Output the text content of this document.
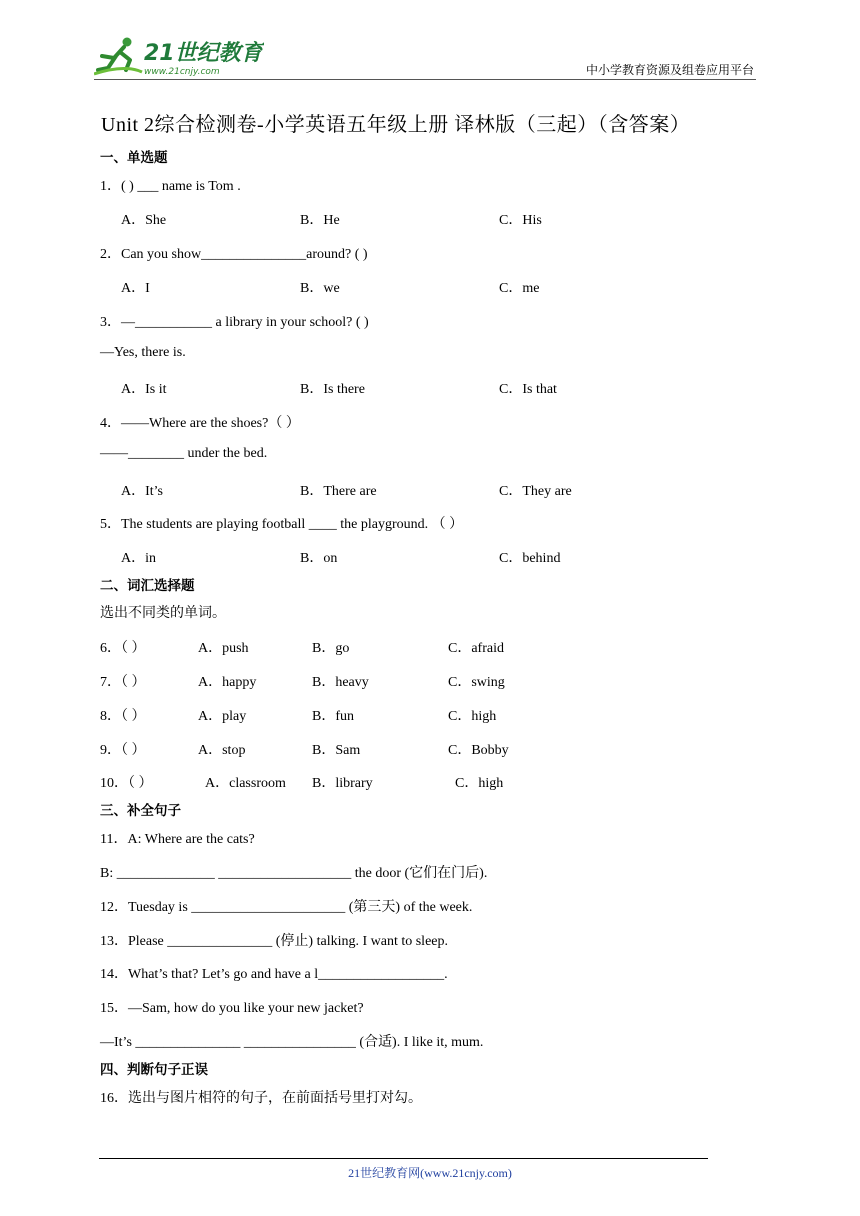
21世纪教育
www.21cnjy.com	中小学教育资源及组卷应用平台
Unit 2综合检测卷-小学英语五年级上册 译林版（三起）（含答案）
一、单选题
1．( ) ___ name is Tom .
A．She	B．He	C．His
2．Can you show_______________around? ( )
A．I	B．we	C．me
3．—___________ a library in your school? ( )
—Yes, there is.
A．Is it	B．Is there	C．Is that
4．——Where are the shoes?（ ）
——________ under the bed.
A．It’s	B．There are	C．They are
5．The students are playing football ____ the playground. （ ）
A．in	B．on	C．behind
二、词汇选择题
选出不同类的单词。
6．（ ）	A．push	B．go	C．afraid
7．（ ）	A．happy	B．heavy	C．swing
8．（ ）	A．play	B．fun	C．high
9．（ ）	A．stop	B．Sam	C．Bobby
10．（ ）	A．classroom B．library	C．high
三、补全句子
11．A: Where are the cats?
B: ______________ ___________________ the door (它们在门后).
12．Tuesday is ______________________ (第三天) of the week.
13．Please _______________ (停止) talking. I want to sleep.
14．What’s that? Let’s go and have a l__________________.
15．—Sam, how do you like your new jacket?
—It’s _______________ ________________ (合适). I like it, mum.
四、判断句子正误
16．选出与图片相符的句子，在前面括号里打对勾。
21世纪教育网(www.21cnjy.com)
